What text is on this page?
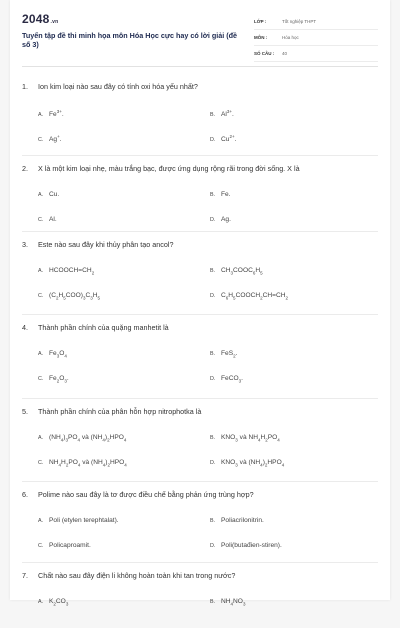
2048.vn
Tuyển tập đề thi minh họa môn Hóa Học cực hay có lời giải (đề số 3)
LỚP :	Tốt nghiệp THPT
MÔN :	Hóa học
SỐ CÂU :	40
1.	Ion kim loại nào sau đây có tính oxi hóa yếu nhất?
A. $Fe^{3+}$.	B. $Al^{3+}$.
C. Ag+.	D. $Cu^{2+}$.
2.	X là một kim loại nhẹ, màu trắng bạc, được ứng dụng rộng rãi trong đời sống. X là
A. Cu.	B. Fe.
C. Al.	D. Ag.
3.	Este nào sau đây khi thủy phân tạo ancol?
A. $HCOOCH=CH_2$	B. $CH_3COOC_6H_5$
C. $(C_2H_5COO)_3C_3H_5$	D. $C_6H_5COOCH_2CH=CH_2$
4.	Thành phần chính của quặng manhetit là
A. $Fe_3O_4$	B. FeS$_2$.
C. $Fe_2O_3$.	D. FeCO$_3$.
5.	Thành phần chính của phân hỗn hợp nitrophotka là
A. $(NH_4)_3PO_4$ và $(NH_4)_2HPO_4$	B. $KNO_3$ và $NH_4H_2PO_4$
C. $NH_4H_2PO_4$ và $(NH_4)_2HPO_4$	D. $KNO_3$ và $(NH_4)_2HPO_4$
6.	Polime nào sau đây là tơ được điều chế bằng phản ứng trùng hợp?
A. Poli (etylen terephtalat).	B. Poliacrilonitrin.
C. Policaproamit.	D. Poli(butađien-stiren).
7.	Chất nào sau đây điện li không hoàn toàn khi tan trong nước?
A. $K_2CO_3$	B. $NH_4NO_3$
